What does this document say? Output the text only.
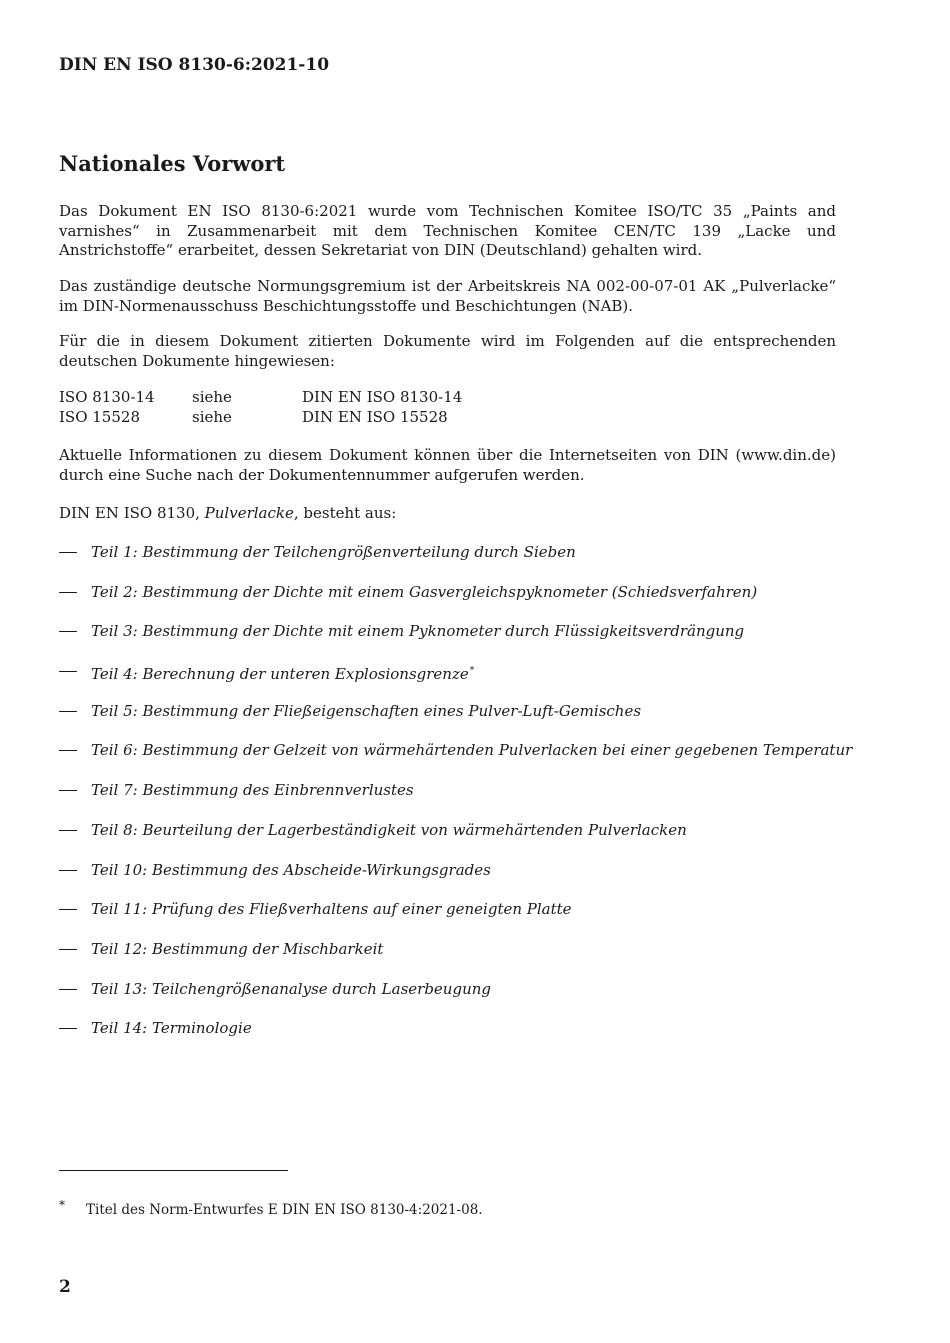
DIN EN ISO 8130-6:2021-10
Nationales Vorwort

Das Dokument EN ISO 8130-6:2021 wurde vom Technischen Komitee ISO/TC 35 „Paints and varnishes“ in Zusammenarbeit mit dem Technischen Komitee CEN/TC 139 „Lacke und Anstrichstoffe“ erarbeitet, dessen Sekretariat von DIN (Deutschland) gehalten wird.

Das zuständige deutsche Normungsgremium ist der Arbeitskreis NA 002-00-07-01 AK „Pulverlacke“ im DIN-Normenausschuss Beschichtungsstoffe und Beschichtungen (NAB).

Für die in diesem Dokument zitierten Dokumente wird im Folgenden auf die entsprechenden deutschen Dokumente hingewiesen:

ISO 8130-14 siehe	DIN EN ISO 8130-14
ISO 15528	siehe	DIN EN ISO 15528

Aktuelle Informationen zu diesem Dokument können über die Internetseiten von DIN (www.din.de) durch eine Suche nach der Dokumentennummer aufgerufen werden.

DIN EN ISO 8130, Pulverlacke, besteht aus:

Teil 1: Bestimmung der Teilchengrößenverteilung durch Sieben
Teil 2: Bestimmung der Dichte mit einem Gasvergleichspyknometer (Schiedsverfahren)
Teil 3: Bestimmung der Dichte mit einem Pyknometer durch Flüssigkeitsverdrängung
Teil 4: Berechnung der unteren Explosionsgrenze*
Teil 5: Bestimmung der Fließeigenschaften eines Pulver-Luft-Gemisches
Teil 6: Bestimmung der Gelzeit von wärmehärtenden Pulverlacken bei einer gegebenen Temperatur
Teil 7: Bestimmung des Einbrennverlustes
Teil 8: Beurteilung der Lagerbeständigkeit von wärmehärtenden Pulverlacken
Teil 10: Bestimmung des Abscheide-Wirkungsgrades
Teil 11: Prüfung des Fließverhaltens auf einer geneigten Platte
Teil 12: Bestimmung der Mischbarkeit
Teil 13: Teilchengrößenanalyse durch Laserbeugung
Teil 14: Terminologie
* Titel des Norm-Entwurfes E DIN EN ISO 8130-4:2021-08.
2
